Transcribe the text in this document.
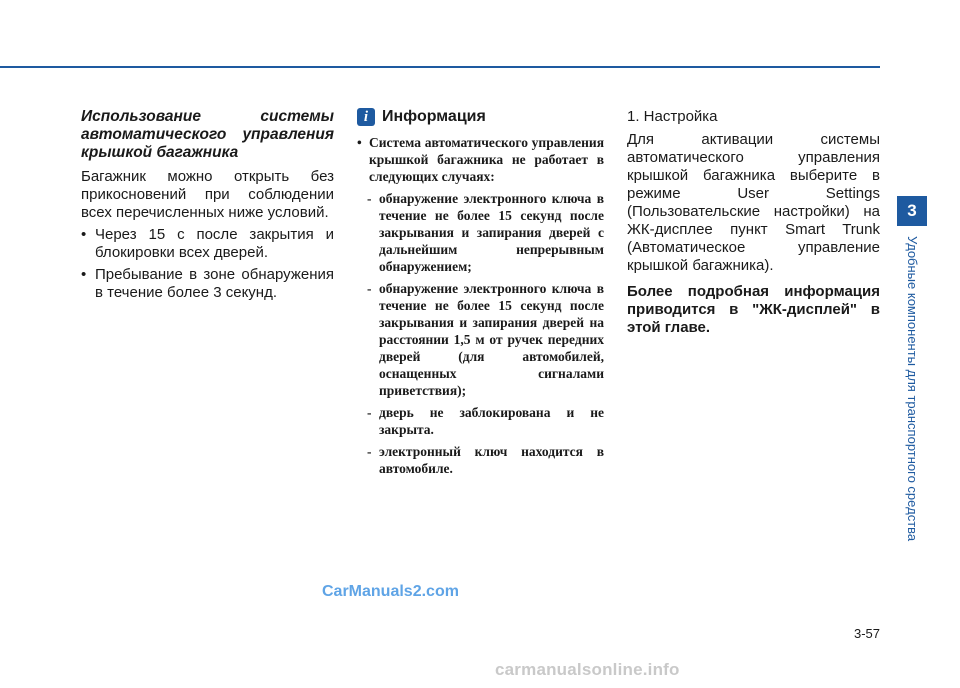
Использование системы автоматического управления крышкой багажника
Багажник можно открыть без прикосновений при соблюдении всех перечисленных ниже условий.
• Через 15 с после закрытия и блокировки всех дверей.
• Пребывание в зоне обнаружения в течение более 3 секунд.
i Информация
• Система автоматического управления крышкой багажника не работает в следующих случаях:
- обнаружение электронного ключа в течение не более 15 секунд после закрывания и запирания дверей с дальнейшим непрерывным обнаружением;
- обнаружение электронного ключа в течение не более 15 секунд после закрывания и запирания дверей на расстоянии 1,5 м от ручек передних дверей (для автомобилей, оснащенных сигналами приветствия);
- дверь не заблокирована и не закрыта.
- электронный ключ находится в автомобиле.
1. Настройка
Для активации системы автоматического управления крышкой багажника выберите в режиме User Settings (Пользовательские настройки) на ЖК-дисплее пункт Smart Trunk (Автоматическое управление крышкой багажника).
Более подробная информация приводится в "ЖК-дисплей" в этой главе.
3
Удобные компоненты для транспортного средства
3-57
CarManuals2.com
carmanualsonline.info
